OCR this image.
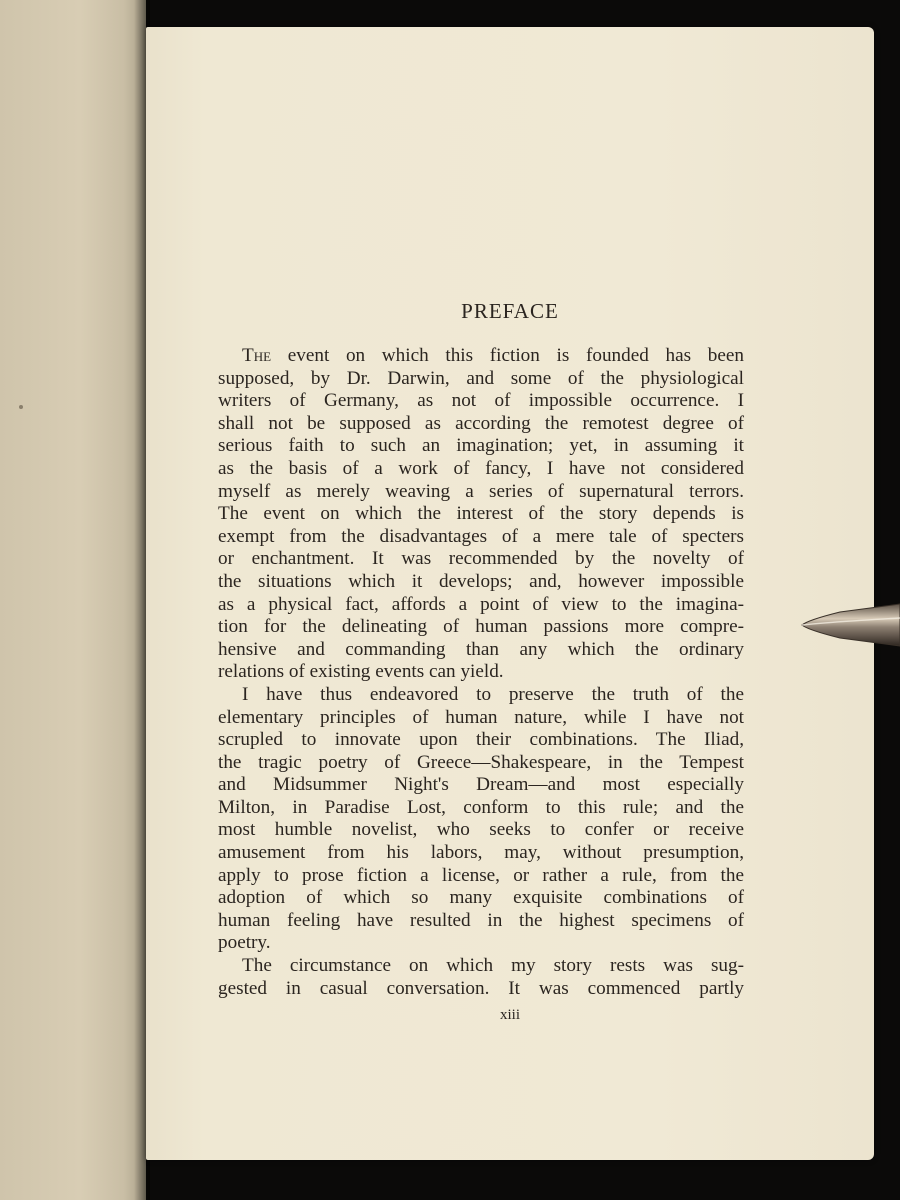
PREFACE
The event on which this fiction is founded has been
supposed, by Dr. Darwin, and some of the physiological
writers of Germany, as not of impossible occurrence. I
shall not be supposed as according the remotest degree of
serious faith to such an imagination; yet, in assuming it
as the basis of a work of fancy, I have not considered
myself as merely weaving a series of supernatural terrors.
The event on which the interest of the story depends is
exempt from the disadvantages of a mere tale of specters
or enchantment. It was recommended by the novelty of
the situations which it develops; and, however impossible
as a physical fact, affords a point of view to the imagina-
tion for the delineating of human passions more compre-
hensive and commanding than any which the ordinary
relations of existing events can yield.
I have thus endeavored to preserve the truth of the
elementary principles of human nature, while I have not
scrupled to innovate upon their combinations. The Iliad,
the tragic poetry of Greece—Shakespeare, in the Tempest
and Midsummer Night's Dream—and most especially
Milton, in Paradise Lost, conform to this rule; and the
most humble novelist, who seeks to confer or receive
amusement from his labors, may, without presumption,
apply to prose fiction a license, or rather a rule, from the
adoption of which so many exquisite combinations of
human feeling have resulted in the highest specimens of
poetry.
The circumstance on which my story rests was sug-
gested in casual conversation. It was commenced partly
xiii
